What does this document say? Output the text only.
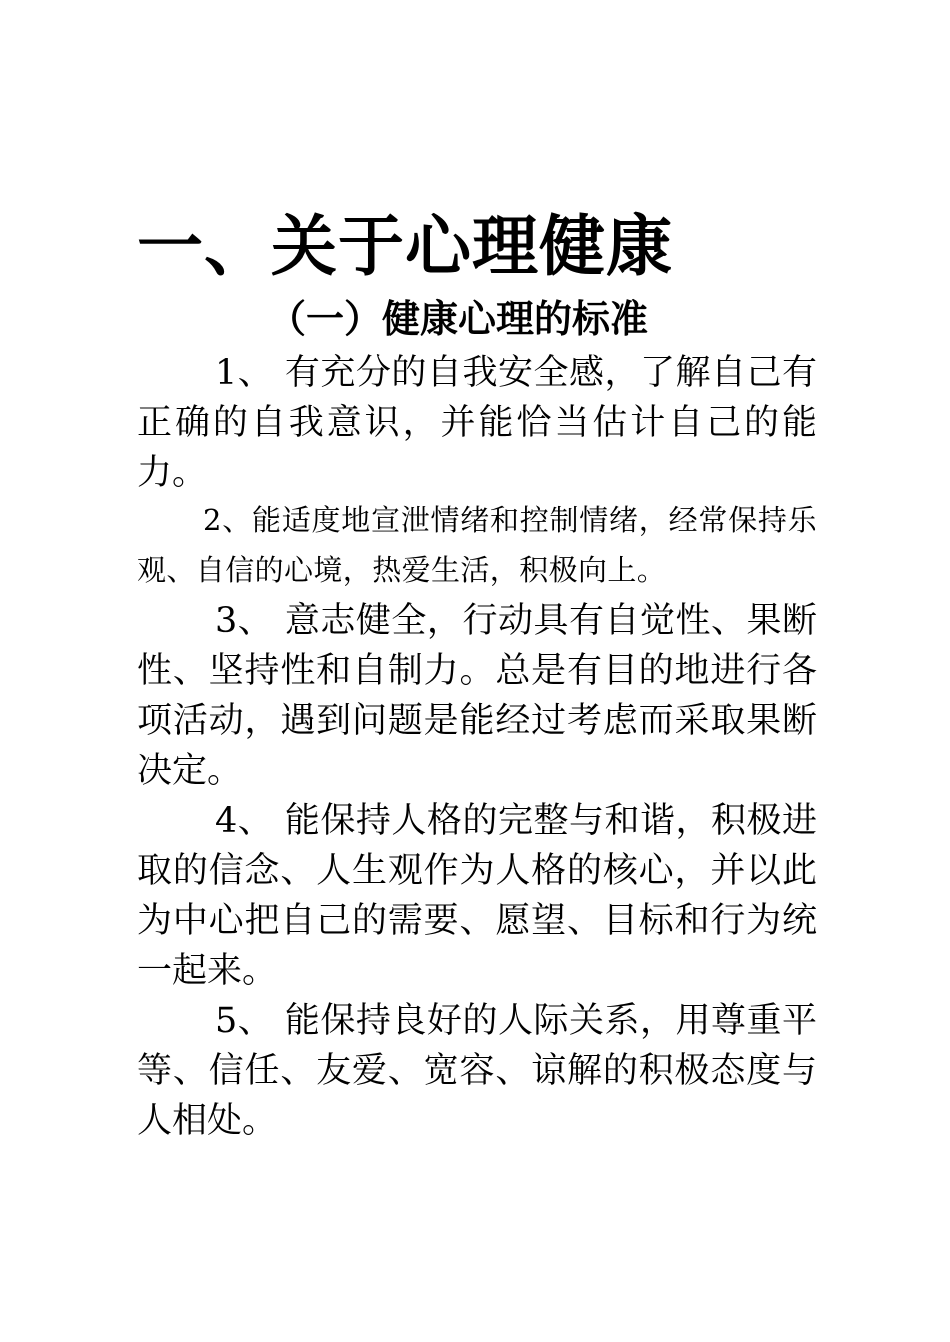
一、关于心理健康
（一）健康心理的标准

1、 有充分的自我安全感，了解自己有正确的自我意识，并能恰当估计自己的能力。

2、能适度地宣泄情绪和控制情绪，经常保持乐观、自信的心境，热爱生活，积极向上。

3、 意志健全，行动具有自觉性、果断性、坚持性和自制力。总是有目的地进行各项活动，遇到问题是能经过考虑而采取果断决定。

4、 能保持人格的完整与和谐，积极进取的信念、人生观作为人格的核心，并以此为中心把自己的需要、愿望、目标和行为统一起来。

5、 能保持良好的人际关系，用尊重平等、信任、友爱、宽容、谅解的积极态度与人相处。
